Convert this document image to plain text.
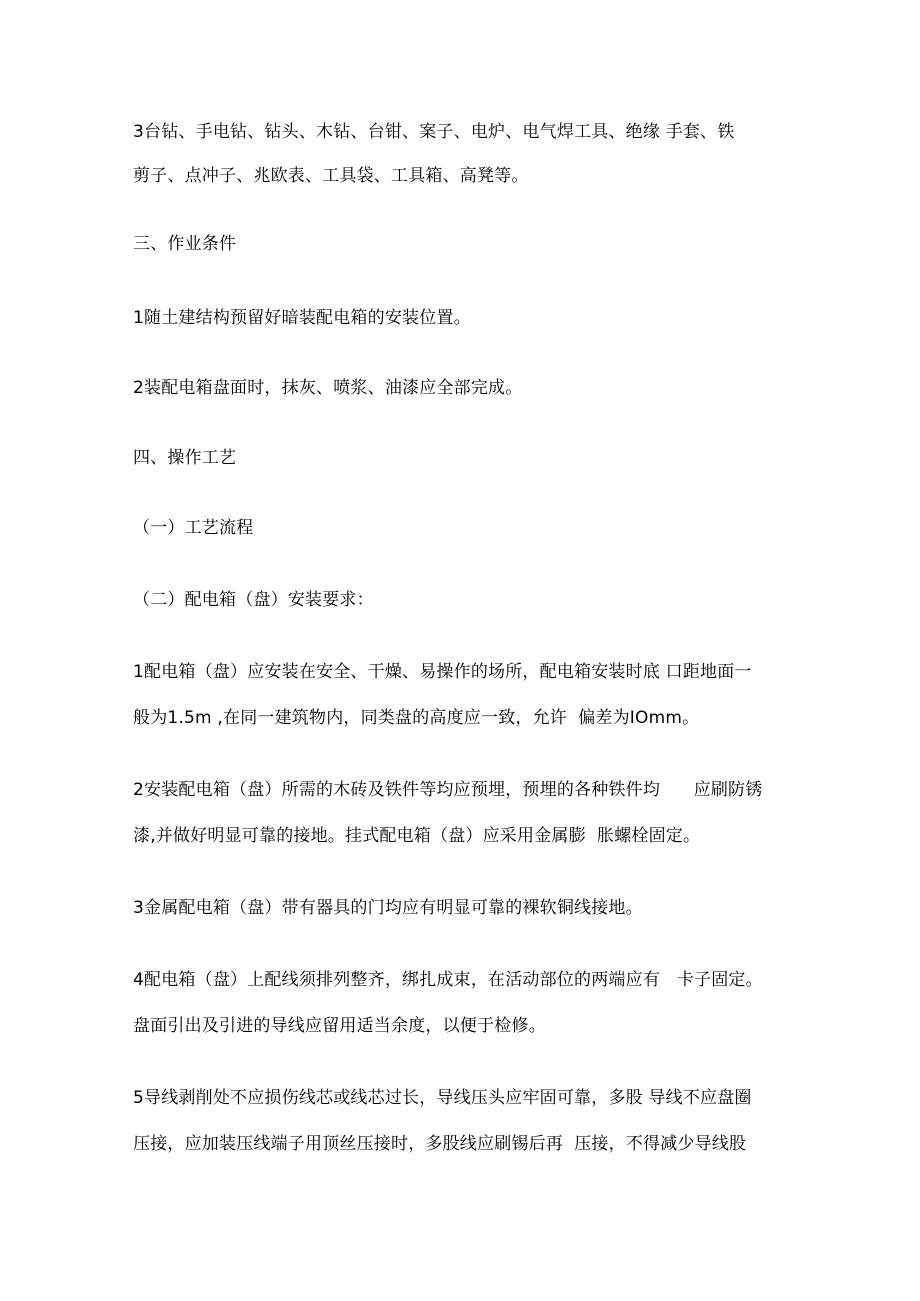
3台钻、手电钻、钻头、木钻、台钳、案子、电炉、电气焊工具、绝缘 手套、铁
剪子、点冲子、兆欧表、工具袋、工具箱、高凳等。
三、作业条件
1随土建结构预留好暗装配电箱的安装位置。
2装配电箱盘面时，抹灰、喷浆、油漆应全部完成。
四、操作工艺
（一）工艺流程
（二）配电箱（盘）安装要求：
1配电箱（盘）应安装在安全、干燥、易操作的场所，配电箱安装时底 口距地面一
般为1.5m ,在同一建筑物内，同类盘的高度应一致，允许  偏差为IOmm。
2安装配电箱（盘）所需的木砖及铁件等均应预埋，预埋的各种铁件均      应刷防锈
漆,并做好明显可靠的接地。挂式配电箱（盘）应采用金属膨  胀螺栓固定。
3金属配电箱（盘）带有器具的门均应有明显可靠的裸软铜线接地。
4配电箱（盘）上配线须排列整齐，绑扎成束，在活动部位的两端应有   卡子固定。
盘面引出及引进的导线应留用适当余度，以便于检修。
5导线剥削处不应损伤线芯或线芯过长，导线压头应牢固可靠，多股 导线不应盘圈
压接，应加装压线端子用顶丝压接时，多股线应刷锡后再  压接，不得减少导线股
